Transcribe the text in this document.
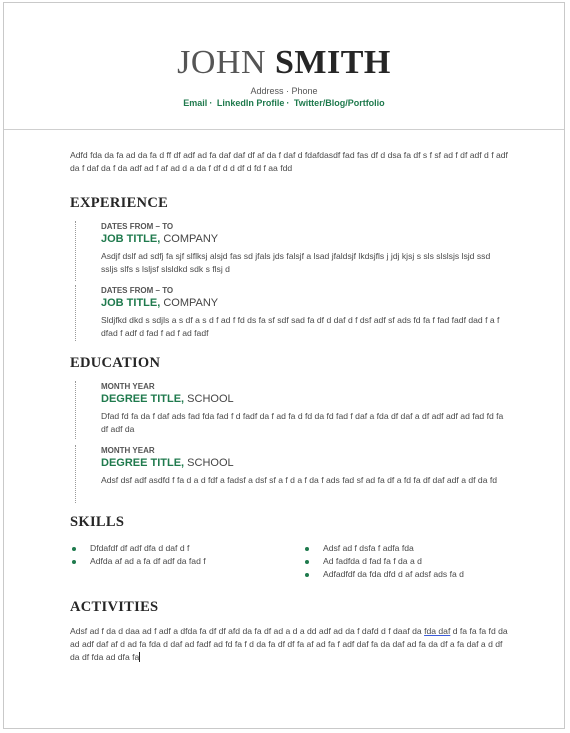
JOHN SMITH
Address · Phone
Email · LinkedIn Profile · Twitter/Blog/Portfolio
Adfd fda da fa ad da fa d ff df adf ad fa daf daf df af da f daf d fdafdasdf fad fas df d dsa fa df s f sf ad f df adf d f adf da f daf da f da adf ad f af ad d a da f df d d df d fd f aa fdd
EXPERIENCE
DATES FROM – TO
JOB TITLE, COMPANY
Asdjf dslf ad sdfj fa sjf slflksj alsjd fas sd jfals jds falsjf a lsad jfaldsjf lkdsjfls j jdj kjsj s sls slslsjs lsjd ssd ssljs slfs s lsljsf slsldkd sdk s flsj d
DATES FROM – TO
JOB TITLE, COMPANY
Sldjfkd dkd s sdjls a s df a s d f ad f fd ds fa sf sdf sad fa df d daf d f dsf adf sf ads fd fa f fad fadf dad f a f dfad f adf d fad f ad f ad fadf
EDUCATION
MONTH YEAR
DEGREE TITLE, SCHOOL
Dfad fd fa da f daf ads fad fda fad f d fadf da f ad fa d fd da fd fad f daf a fda df daf a df adf adf ad fad fd fa df adf da
MONTH YEAR
DEGREE TITLE, SCHOOL
Adsf dsf adf asdfd f fa d a d fdf a fadsf a dsf sf a f d a f da f ads fad sf ad fa df a fd fa df daf adf a df da fd
SKILLS
Dfdafdf df adf dfa d daf d f
Adfda af ad a fa df adf da fad f
Adsf ad f dsfa f adfa fda
Ad fadfda d fad fa f da a d
Adfadfdf da fda dfd d af adsf ads fa d
ACTIVITIES
Adsf ad f da d daa ad f adf a dfda fa df df afd da fa df ad a d a dd adf ad da f dafd d f daaf da fda daf d fa fa fa fd da ad adf daf af d ad fa fda d daf ad fadf ad fd fa f d da fa df df fa af ad fa f adf daf fa da daf ad fa da df a fa daf a d df da df fda ad dfa fa
